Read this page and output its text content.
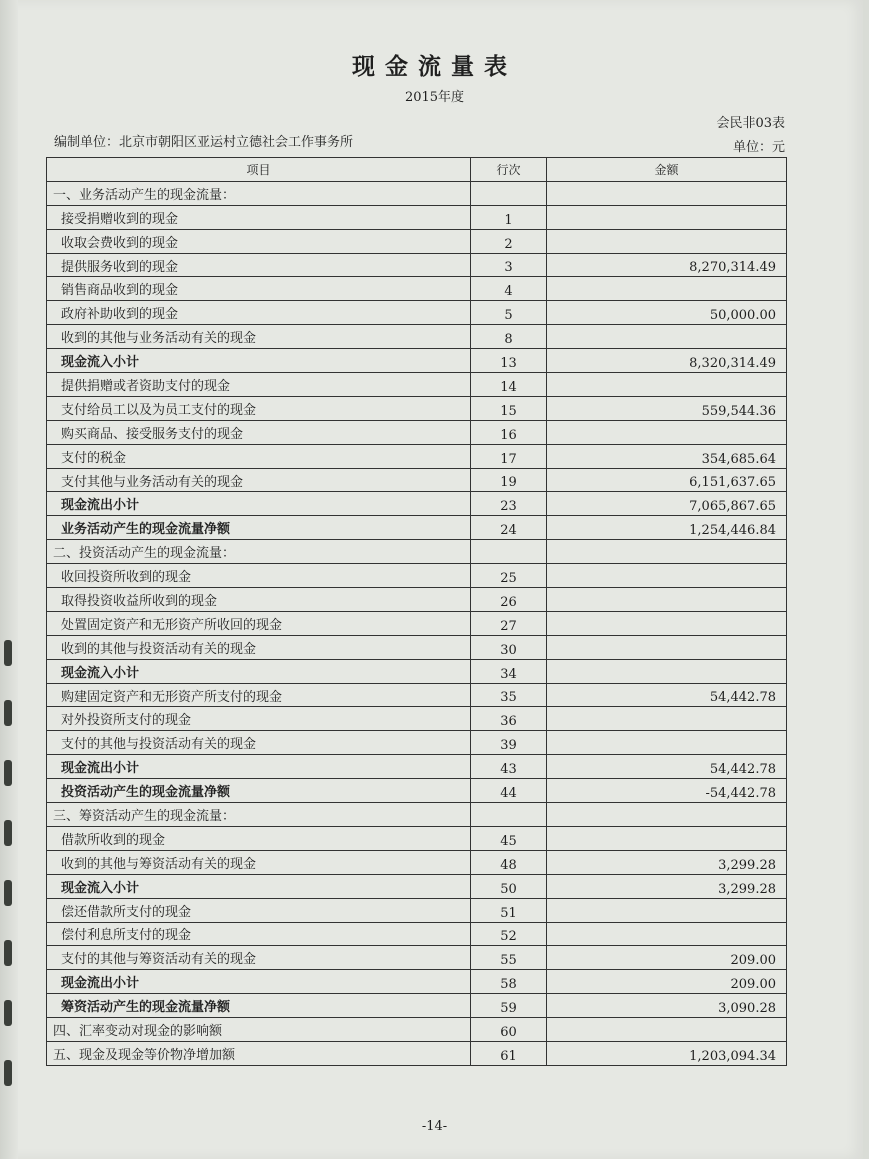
现金流量表
2015年度
会民非03表
编制单位：北京市朝阳区亚运村立德社会工作事务所	单位：元
项目	行次	金额
一、业务活动产生的现金流量：		
接受捐赠收到的现金	1	
收取会费收到的现金	2	
提供服务收到的现金	3	8,270,314.49
销售商品收到的现金	4	
政府补助收到的现金	5	50,000.00
收到的其他与业务活动有关的现金	8	
现金流入小计	13	8,320,314.49
提供捐赠或者资助支付的现金	14	
支付给员工以及为员工支付的现金	15	559,544.36
购买商品、接受服务支付的现金	16	
支付的税金	17	354,685.64
支付其他与业务活动有关的现金	19	6,151,637.65
现金流出小计	23	7,065,867.65
业务活动产生的现金流量净额	24	1,254,446.84
二、投资活动产生的现金流量：		
收回投资所收到的现金	25	
取得投资收益所收到的现金	26	
处置固定资产和无形资产所收回的现金	27	
收到的其他与投资活动有关的现金	30	
现金流入小计	34	
购建固定资产和无形资产所支付的现金	35	54,442.78
对外投资所支付的现金	36	
支付的其他与投资活动有关的现金	39	
现金流出小计	43	54,442.78
投资活动产生的现金流量净额	44	-54,442.78
三、筹资活动产生的现金流量：		
借款所收到的现金	45	
收到的其他与筹资活动有关的现金	48	3,299.28
现金流入小计	50	3,299.28
偿还借款所支付的现金	51	
偿付利息所支付的现金	52	
支付的其他与筹资活动有关的现金	55	209.00
现金流出小计	58	209.00
筹资活动产生的现金流量净额	59	3,090.28
四、汇率变动对现金的影响额	60	
五、现金及现金等价物净增加额	61	1,203,094.34
-14-
